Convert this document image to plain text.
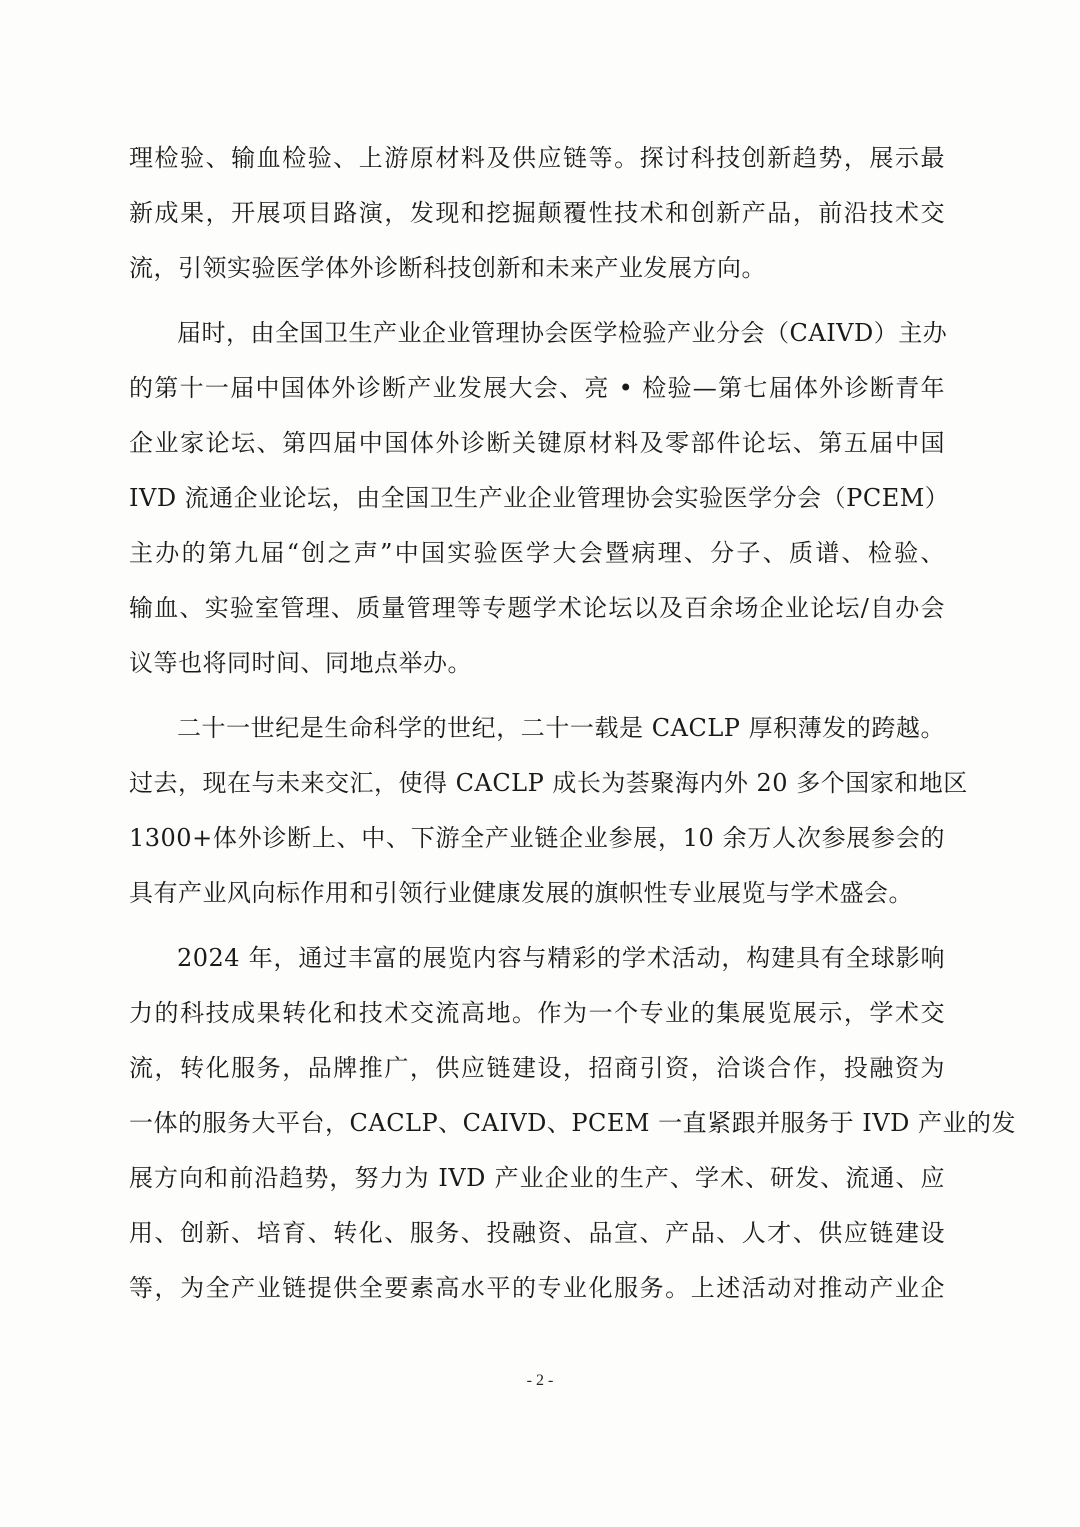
理检验、输血检验、上游原材料及供应链等。探讨科技创新趋势，展示最
新成果，开展项目路演，发现和挖掘颠覆性技术和创新产品，前沿技术交
流，引领实验医学体外诊断科技创新和未来产业发展方向。
届时，由全国卫生产业企业管理协会医学检验产业分会（CAIVD）主办
的第十一届中国体外诊断产业发展大会、亮 • 检验—第七届体外诊断青年
企业家论坛、第四届中国体外诊断关键原材料及零部件论坛、第五届中国
IVD 流通企业论坛，由全国卫生产业企业管理协会实验医学分会（PCEM）
主办的第九届“创之声”中国实验医学大会暨病理、分子、质谱、检验、
输血、实验室管理、质量管理等专题学术论坛以及百余场企业论坛/自办会
议等也将同时间、同地点举办。
二十一世纪是生命科学的世纪，二十一载是 CACLP 厚积薄发的跨越。
过去，现在与未来交汇，使得 CACLP 成长为荟聚海内外 20 多个国家和地区
1300+体外诊断上、中、下游全产业链企业参展，10 余万人次参展参会的
具有产业风向标作用和引领行业健康发展的旗帜性专业展览与学术盛会。
2024 年，通过丰富的展览内容与精彩的学术活动，构建具有全球影响
力的科技成果转化和技术交流高地。作为一个专业的集展览展示，学术交
流，转化服务，品牌推广，供应链建设，招商引资，洽谈合作，投融资为
一体的服务大平台，CACLP、CAIVD、PCEM 一直紧跟并服务于 IVD 产业的发
展方向和前沿趋势，努力为 IVD 产业企业的生产、学术、研发、流通、应
用、创新、培育、转化、服务、投融资、品宣、产品、人才、供应链建设
等，为全产业链提供全要素高水平的专业化服务。上述活动对推动产业企
- 2 -
